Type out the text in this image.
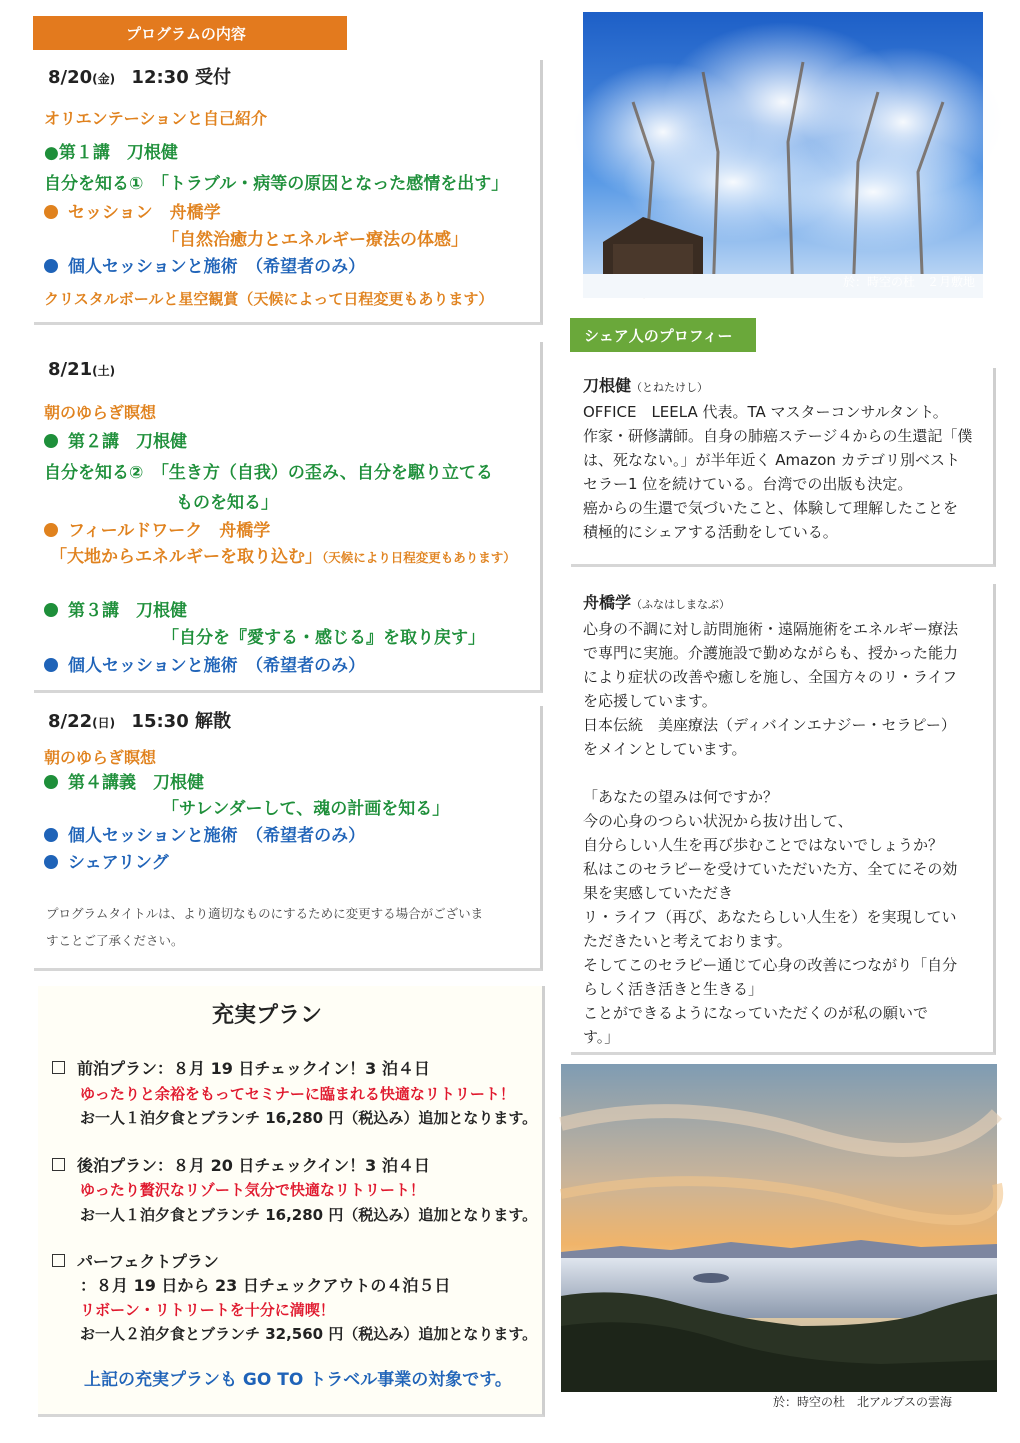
プログラムの内容
8/20(金) 12:30 受付
オリエンテーションと自己紹介
●第１講　刀根健
自分を知る①　「トラブル・病等の原因となった感情を出す」
セッション　舟橋学
「自然治癒力とエネルギー療法の体感」
個人セッションと施術　（希望者のみ）
クリスタルボールと星空観賞（天候によって日程変更もあります）
8/21(土)
朝のゆらぎ瞑想
第２講　刀根健
自分を知る②　「生き方（自我）の歪み、自分を駆り立てる
ものを知る」
フィールドワーク　舟橋学
「大地からエネルギーを取り込む」（天候により日程変更もあります）
第３講　刀根健
「自分を『愛する・感じる』を取り戻す」
個人セッションと施術　（希望者のみ）
8/22(日) 15:30 解散
朝のゆらぎ瞑想
第４講義　刀根健
「サレンダーして、魂の計画を知る」
個人セッションと施術　（希望者のみ）
シェアリング
プログラムタイトルは、より適切なものにするために変更する場合がございま
すことご了承ください。
充実プラン
前泊プラン：８月 19 日チェックイン！3 泊４日
ゆったりと余裕をもってセミナーに臨まれる快適なリトリート！
お一人１泊夕食とブランチ 16,280 円（税込み）追加となります。
後泊プラン：８月 20 日チェックイン！3 泊４日
ゆったり贅沢なリゾート気分で快適なリトリート！
お一人１泊夕食とブランチ 16,280 円（税込み）追加となります。
パーフェクトプラン
：８月 19 日から 23 日チェックアウトの４泊５日
リボーン・リトリートを十分に満喫！
お一人２泊夕食とブランチ 32,560 円（税込み）追加となります。
上記の充実プランも GO TO トラベル事業の対象です。
於：時空の杜　２月敷地
シェア人のプロフィー
刀根健（とねたけし）

OFFICE　LEELA 代表。TA マスターコンサルタント。

作家・研修講師。自身の肺癌ステージ４からの生還記「僕

は、死なない。」が半年近く Amazon カテゴリ別ベスト

セラー1 位を続けている。台湾での出版も決定。

癌からの生還で気づいたこと、体験して理解したことを

積極的にシェアする活動をしている。

舟橋学（ふなはしまなぶ）

心身の不調に対し訪問施術・遠隔施術をエネルギー療法

で専門に実施。介護施設で勤めながらも、授かった能力

により症状の改善や癒しを施し、全国方々のリ・ライフ

を応援しています。

日本伝統　美座療法（ディバインエナジー・セラピー）

をメインとしています。

「あなたの望みは何ですか？

今の心身のつらい状況から抜け出して、

自分らしい人生を再び歩むことではないでしょうか？

私はこのセラピーを受けていただいた方、全てにその効

果を実感していただき

リ・ライフ（再び、あなたらしい人生を）を実現してい

ただきたいと考えております。

そしてこのセラピー通じて心身の改善につながり「自分

らしく活き活きと生きる」

ことができるようになっていただくのが私の願いで

す。」

於：時空の杜　北アルプスの雲海
